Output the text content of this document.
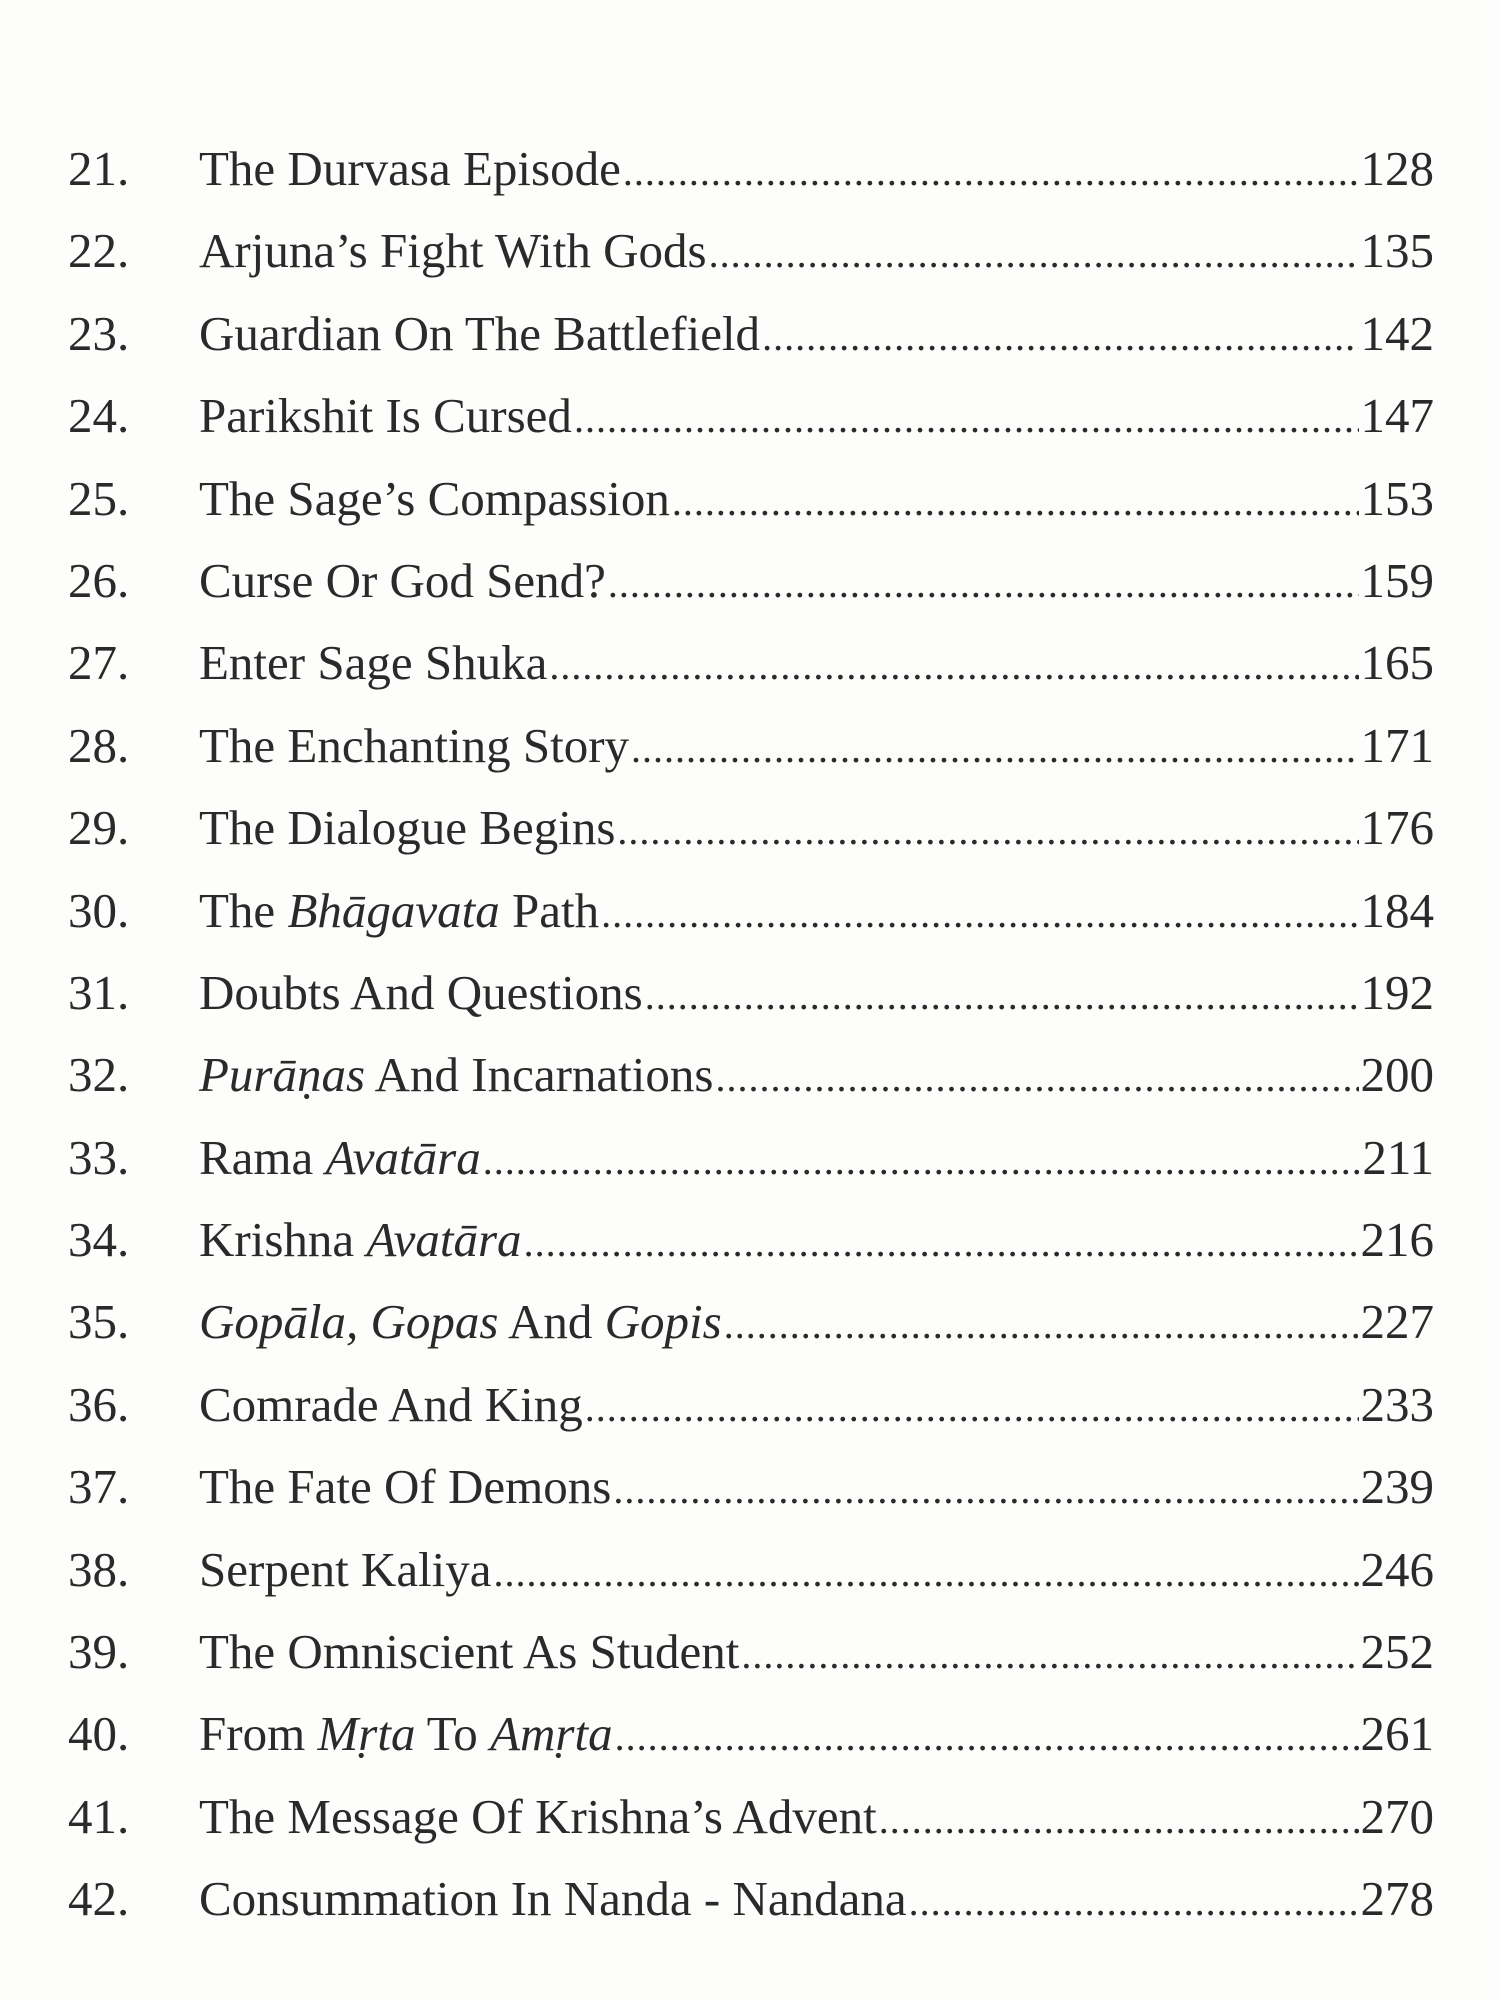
21.	The Durvasa Episode .....	128
22.	Arjuna’s Fight With Gods .....	135
23.	Guardian On The Battlefield .....	142
24.	Parikshit Is Cursed .....	147
25.	The Sage’s Compassion .....	153
26.	Curse Or God Send? .....	159
27.	Enter Sage Shuka .....	165
28.	The Enchanting Story .....	171
29.	The Dialogue Begins .....	176
30.	The Bhāgavata Path .....	184
31.	Doubts And Questions .....	192
32.	Purāṇas And Incarnations .....	200
33.	Rama Avatāra .....	211
34.	Krishna Avatāra .....	216
35.	Gopāla, Gopas And Gopis .....	227
36.	Comrade And King .....	233
37.	The Fate Of Demons .....	239
38.	Serpent Kaliya .....	246
39.	The Omniscient As Student .....	252
40.	From Mṛta To Amṛta .....	261
41.	The Message Of Krishna’s Advent .....	270
42.	Consummation In Nanda - Nandana .....	278
